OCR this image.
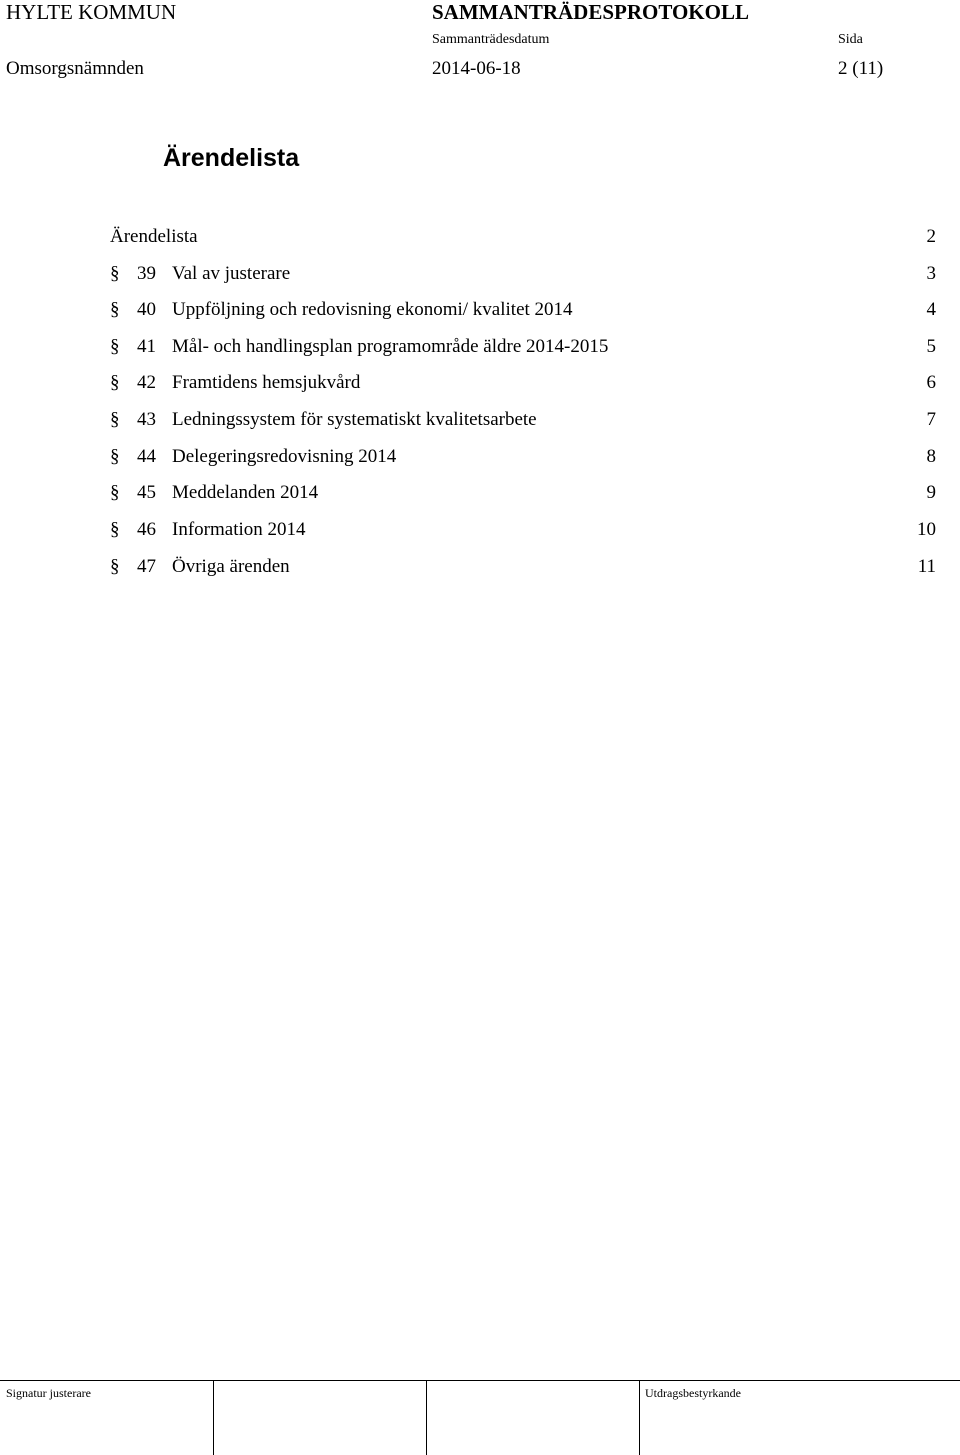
HYLTE KOMMUN	SAMMANTRÄDESPROTOKOLL
Sammanträdesdatum	Sida
Omsorgsnämnden	2014-06-18	2 (11)
Ärendelista
Ärendelista	2
§ 39 Val av justerare	3
§ 40 Uppföljning och redovisning ekonomi/ kvalitet 2014	4
§ 41 Mål- och handlingsplan programområde äldre 2014-2015	5
§ 42 Framtidens hemsjukvård	6
§ 43 Ledningssystem för systematiskt kvalitetsarbete	7
§ 44 Delegeringsredovisning 2014	8
§ 45 Meddelanden 2014	9
§ 46 Information 2014	10
§ 47 Övriga ärenden	11
Signatur justerare	Utdragsbestyrkande
